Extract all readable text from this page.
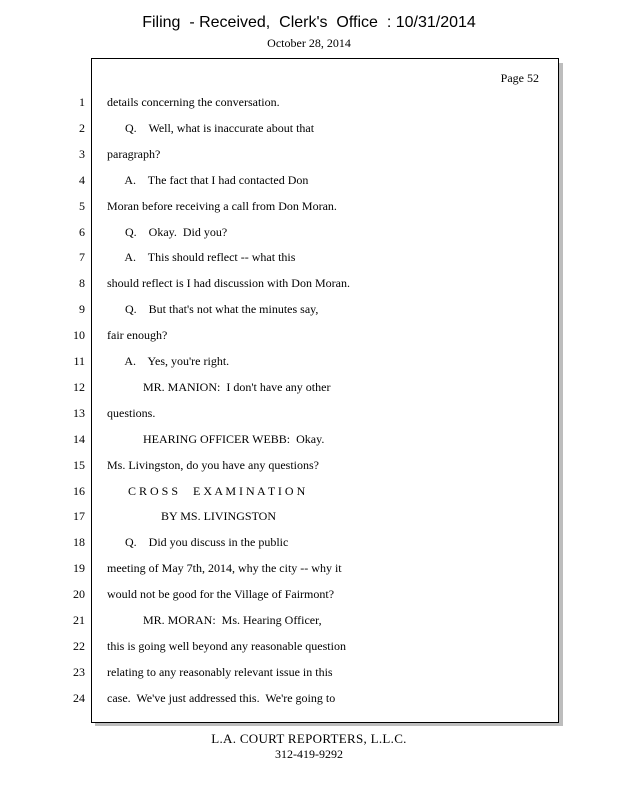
Filing  - Received,  Clerk's  Office  : 10/31/2014
October 28, 2014
Page 52
1 details concerning the conversation.
2 Q.    Well, what is inaccurate about that
3 paragraph?
4 A.    The fact that I had contacted Don
5 Moran before receiving a call from Don Moran.
6 Q.    Okay.  Did you?
7 A.    This should reflect -- what this
8 should reflect is I had discussion with Don Moran.
9 Q.    But that's not what the minutes say,
10 fair enough?
11 A.    Yes, you're right.
12 MR. MANION:  I don't have any other
13 questions.
14 HEARING OFFICER WEBB:  Okay.
15 Ms. Livingston, do you have any questions?
16 C R O S S     E X A M I N A T I O N
17 BY MS. LIVINGSTON
18 Q.    Did you discuss in the public
19 meeting of May 7th, 2014, why the city -- why it
20 would not be good for the Village of Fairmont?
21 MR. MORAN:  Ms. Hearing Officer,
22 this is going well beyond any reasonable question
23 relating to any reasonably relevant issue in this
24 case.  We've just addressed this.  We're going to
L.A. COURT REPORTERS, L.L.C.
312-419-9292
